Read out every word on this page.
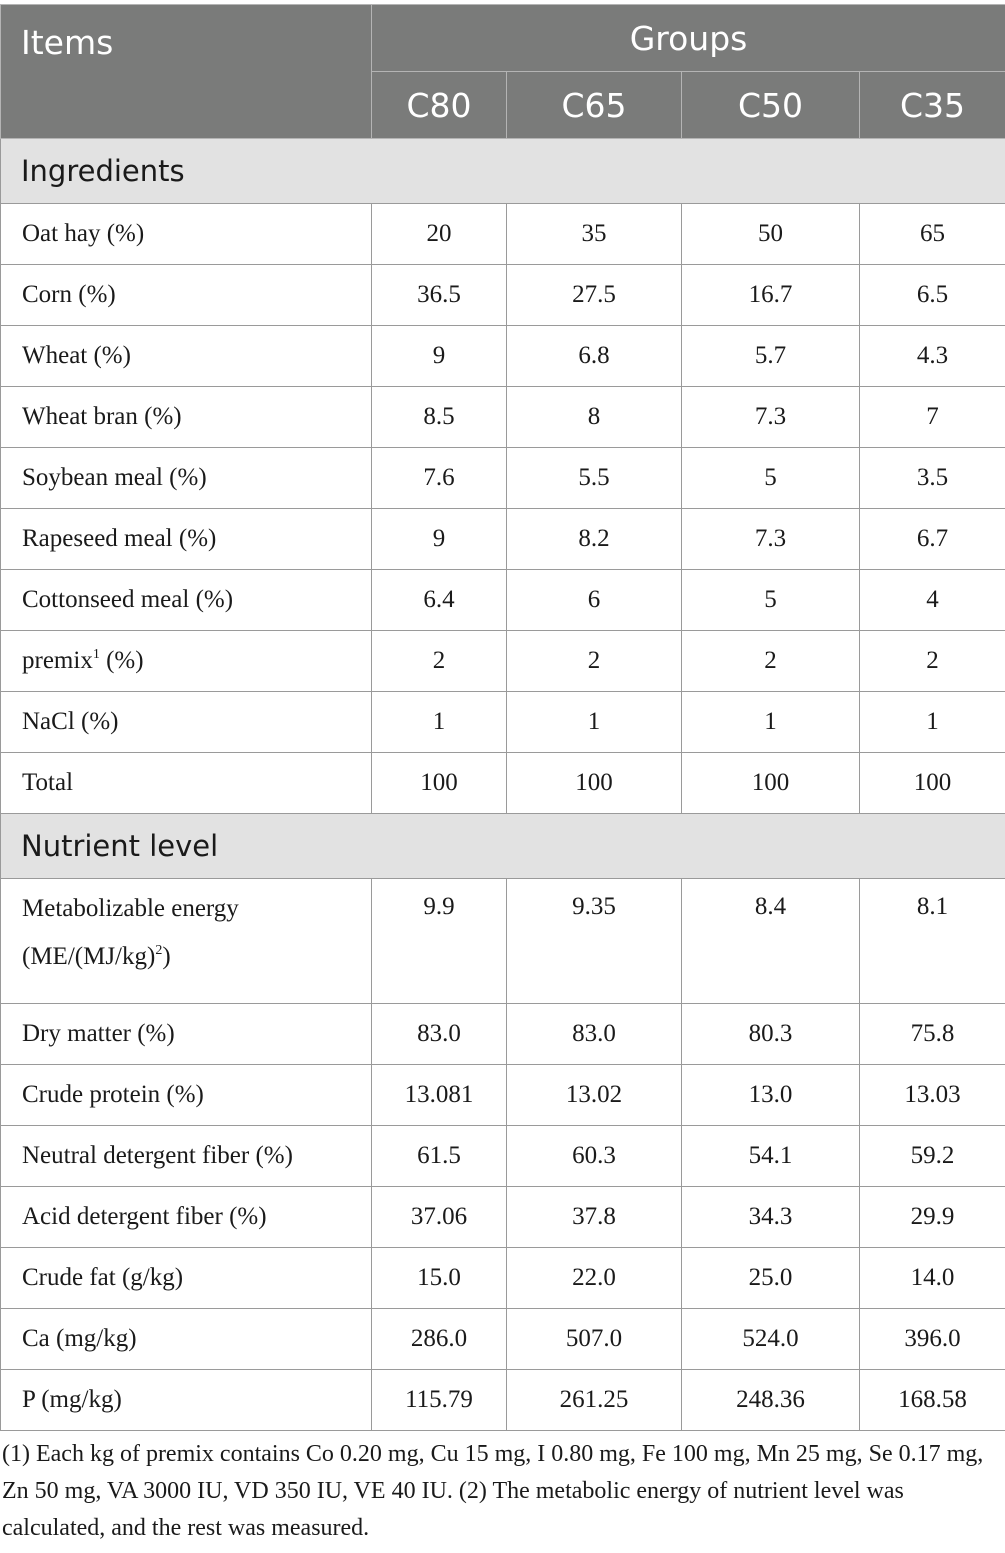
Items	Groups			
	C80	C65	C50	C35
Ingredients				
Oat hay (%)	20	35	50	65
Corn (%)	36.5	27.5	16.7	6.5
Wheat (%)	9	6.8	5.7	4.3
Wheat bran (%)	8.5	8	7.3	7
Soybean meal (%)	7.6	5.5	5	3.5
Rapeseed meal (%)	9	8.2	7.3	6.7
Cottonseed meal (%)	6.4	6	5	4
premix$^1$ (%)	2	2	2	2
NaCl (%)	1	1	1	1
Total	100	100	100	100
Nutrient level				
Metabolizable energy
$(ME/(MJ/kg)^2)$	9.9	9.35	8.4	8.1
Dry matter (%)	83.0	83.0	80.3	75.8
Crude protein (%)	13.081	13.02	13.0	13.03
Neutral detergent fiber (%)	61.5	60.3	54.1	59.2
Acid detergent fiber (%)	37.06	37.8	34.3	29.9
Crude fat (g/kg)	15.0	22.0	25.0	14.0
Ca (mg/kg)	286.0	507.0	524.0	396.0
P (mg/kg)	115.79	261.25	248.36	168.58

(1) Each kg of premix contains Co 0.20 mg, Cu 15 mg, I 0.80 mg, Fe 100 mg, Mn 25 mg, Se 0.17 mg, Zn 50 mg, VA 3000 IU, VD 350 IU, VE 40 IU. (2) The metabolic energy of nutrient level was calculated, and the rest was measured.
